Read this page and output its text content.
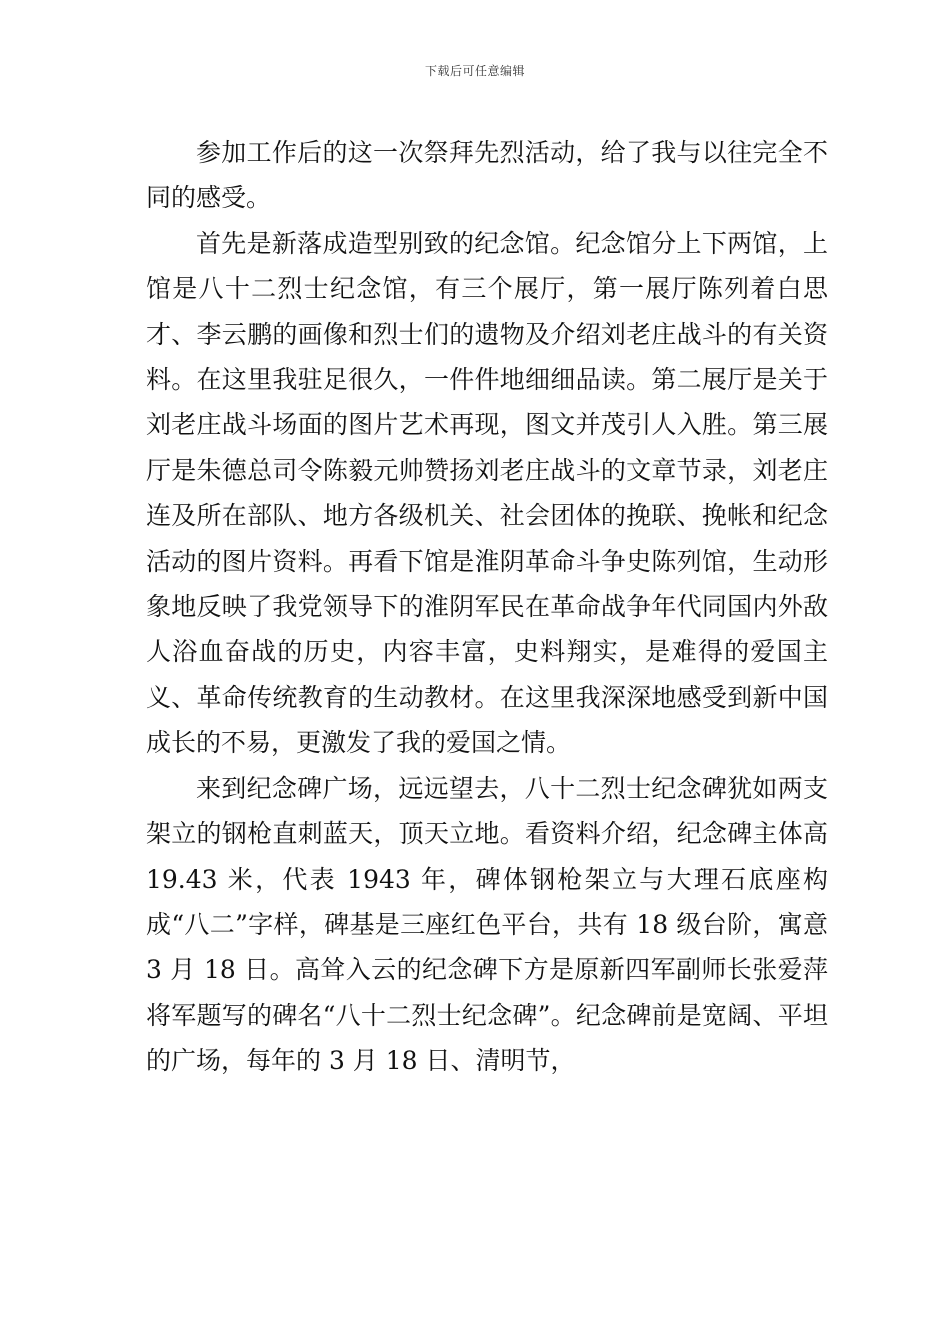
下载后可任意编辑

参加工作后的这一次祭拜先烈活动，给了我与以往完全不同的感受。

首先是新落成造型别致的纪念馆。纪念馆分上下两馆，上馆是八十二烈士纪念馆，有三个展厅，第一展厅陈列着白思才、李云鹏的画像和烈士们的遗物及介绍刘老庄战斗的有关资料。在这里我驻足很久，一件件地细细品读。第二展厅是关于刘老庄战斗场面的图片艺术再现，图文并茂引人入胜。第三展厅是朱德总司令陈毅元帅赞扬刘老庄战斗的文章节录，刘老庄连及所在部队、地方各级机关、社会团体的挽联、挽帐和纪念活动的图片资料。再看下馆是淮阴革命斗争史陈列馆，生动形象地反映了我党领导下的淮阴军民在革命战争年代同国内外敌人浴血奋战的历史，内容丰富，史料翔实，是难得的爱国主义、革命传统教育的生动教材。在这里我深深地感受到新中国成长的不易，更激发了我的爱国之情。

来到纪念碑广场，远远望去，八十二烈士纪念碑犹如两支架立的钢枪直刺蓝天，顶天立地。看资料介绍，纪念碑主体高 19.43 米，代表 1943 年，碑体钢枪架立与大理石底座构成“八二”字样，碑基是三座红色平台，共有 18 级台阶，寓意 3 月 18 日。高耸入云的纪念碑下方是原新四军副师长张爱萍将军题写的碑名“八十二烈士纪念碑”。纪念碑前是宽阔、平坦的广场，每年的 3 月 18 日、清明节，
